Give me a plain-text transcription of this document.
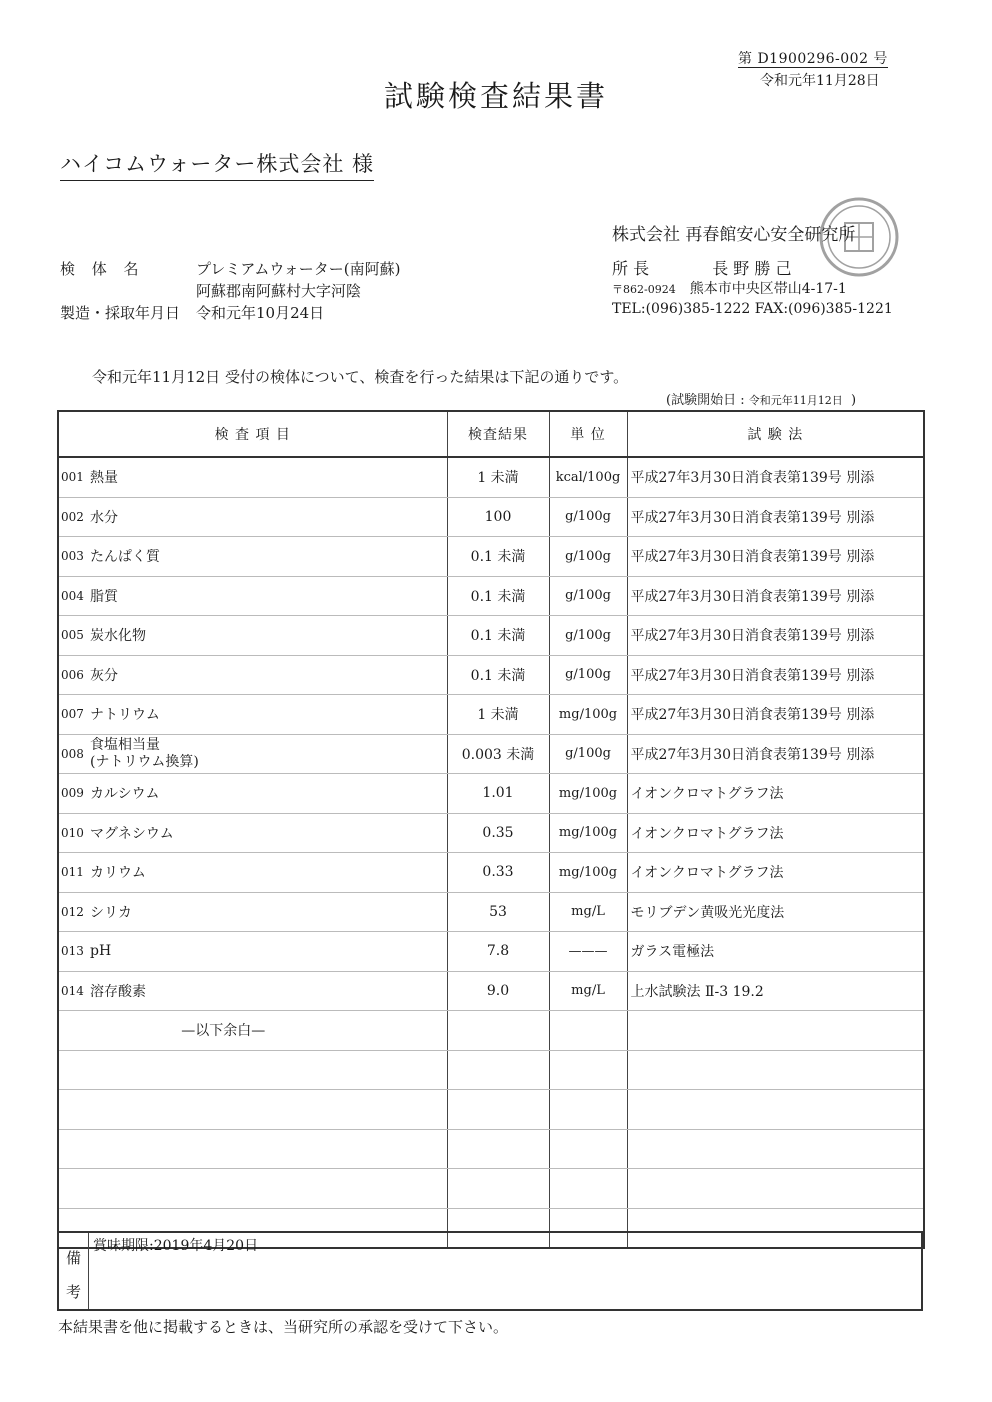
第 D1900296-002 号
令和元年11月28日
試験検査結果書
ハイコムウォーター株式会社 様
検 体 名	プレミアムウォーター(南阿蘇)
阿蘇郡南阿蘇村大字河陰
製造・採取年月日 令和元年10月24日
株式会社 再春館安心安全研究所
所 長	長 野 勝 己
〒862-0924 熊本市中央区帯山4-17-1
TEL:(096)385-1222 FAX:(096)385-1221
令和元年11月12日 受付の検体について、検査を行った結果は下記の通りです。
(試験開始日 : 令和元年11月12日 )
検 査 項 目		検査結果	単 位	試 験 法
001	熱量	1 未満	kcal/100g	平成27年3月30日消食表第139号 別添
002	水分	100	g/100g	平成27年3月30日消食表第139号 別添
003	たんぱく質	0.1 未満	g/100g	平成27年3月30日消食表第139号 別添
004	脂質	0.1 未満	g/100g	平成27年3月30日消食表第139号 別添
005	炭水化物	0.1 未満	g/100g	平成27年3月30日消食表第139号 別添
006	灰分	0.1 未満	g/100g	平成27年3月30日消食表第139号 別添
007	ナトリウム	1 未満	mg/100g	平成27年3月30日消食表第139号 別添
008	食塩相当量
(ナトリウム換算)	0.003 未満	g/100g	平成27年3月30日消食表第139号 別添
009	カルシウム	1.01	mg/100g	イオンクロマトグラフ法
010	マグネシウム	0.35	mg/100g	イオンクロマトグラフ法
011	カリウム	0.33	mg/100g	イオンクロマトグラフ法
012	シリカ	53	mg/L	モリブデン黄吸光光度法
013	pH	7.8	———	ガラス電極法
014	溶存酸素	9.0	mg/L	上水試験法 Ⅱ-3 19.2

	—以下余白—			

備
考
賞味期限:2019年4月20日
本結果書を他に掲載するときは、当研究所の承認を受けて下さい。
